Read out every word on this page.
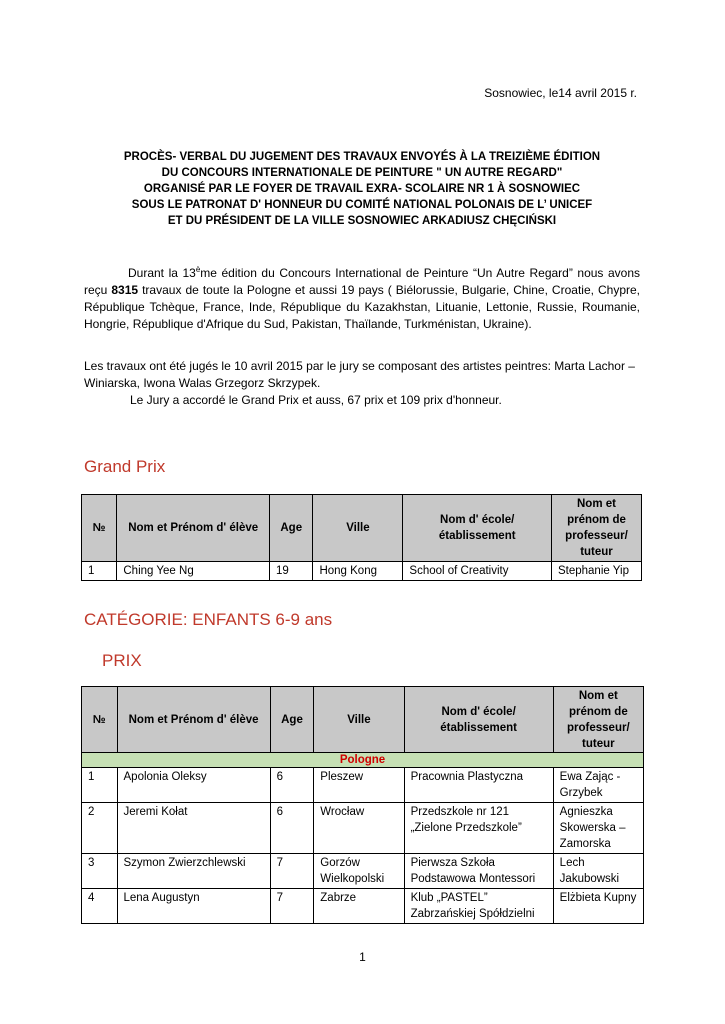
Sosnowiec, le14 avril 2015 r.
PROCÈS- VERBAL DU JUGEMENT DES TRAVAUX ENVOYÉS À LA TREIZIÈME ÉDITION
DU CONCOURS INTERNATIONALE DE PEINTURE " UN AUTRE REGARD"
ORGANISÉ PAR LE FOYER DE TRAVAIL EXRA- SCOLAIRE NR 1 À SOSNOWIEC
SOUS LE PATRONAT D' HONNEUR DU COMITÉ NATIONAL POLONAIS DE L’ UNICEF
ET DU PRÉSIDENT DE LA VILLE SOSNOWIEC ARKADIUSZ CHĘCIŃSKI
Durant la $13^ème$ édition du Concours International de Peinture “Un Autre Regard” nous avons reçu 8315 travaux de toute la Pologne et aussi 19 pays ( Biélorussie, Bulgarie, Chine, Croatie, Chypre, République Tchèque, France, Inde, République du Kazakhstan, Lituanie, Lettonie, Russie, Roumanie, Hongrie, République d'Afrique du Sud, Pakistan, Thaïlande, Turkménistan, Ukraine).
Les travaux ont été jugés le 10 avril 2015 par le jury se composant des artistes peintres: Marta Lachor – Winiarska, Iwona Walas Grzegorz Skrzypek.
Le Jury a accordé le Grand Prix et auss, 67 prix et 109 prix d'honneur.
Grand Prix
№	Nom et Prénom d' élève	Age	Ville	Nom d' école/ établissement	Nom et prénom de professeur/ tuteur
1	Ching Yee Ng	19	Hong Kong	School of Creativity	Stephanie Yip
CATÉGORIE: ENFANTS 6-9 ans
PRIX
№	Nom et Prénom d' élève	Age	Ville	Nom d' école/ établissement	Nom et prénom de professeur/ tuteur
Pologne					
1	Apolonia Oleksy	6	Pleszew	Pracownia Plastyczna	Ewa Zając - Grzybek
2	Jeremi Kołat	6	Wrocław	Przedszkole nr 121 „Zielone Przedszkole”	Agnieszka Skowerska – Zamorska
3	Szymon Zwierzchlewski	7	Gorzów Wielkopolski	Pierwsza Szkoła Podstawowa Montessori	Lech Jakubowski
4	Lena Augustyn	7	Zabrze	Klub „PASTEL” Zabrzańskiej Spółdzielni	Elżbieta Kupny
1
